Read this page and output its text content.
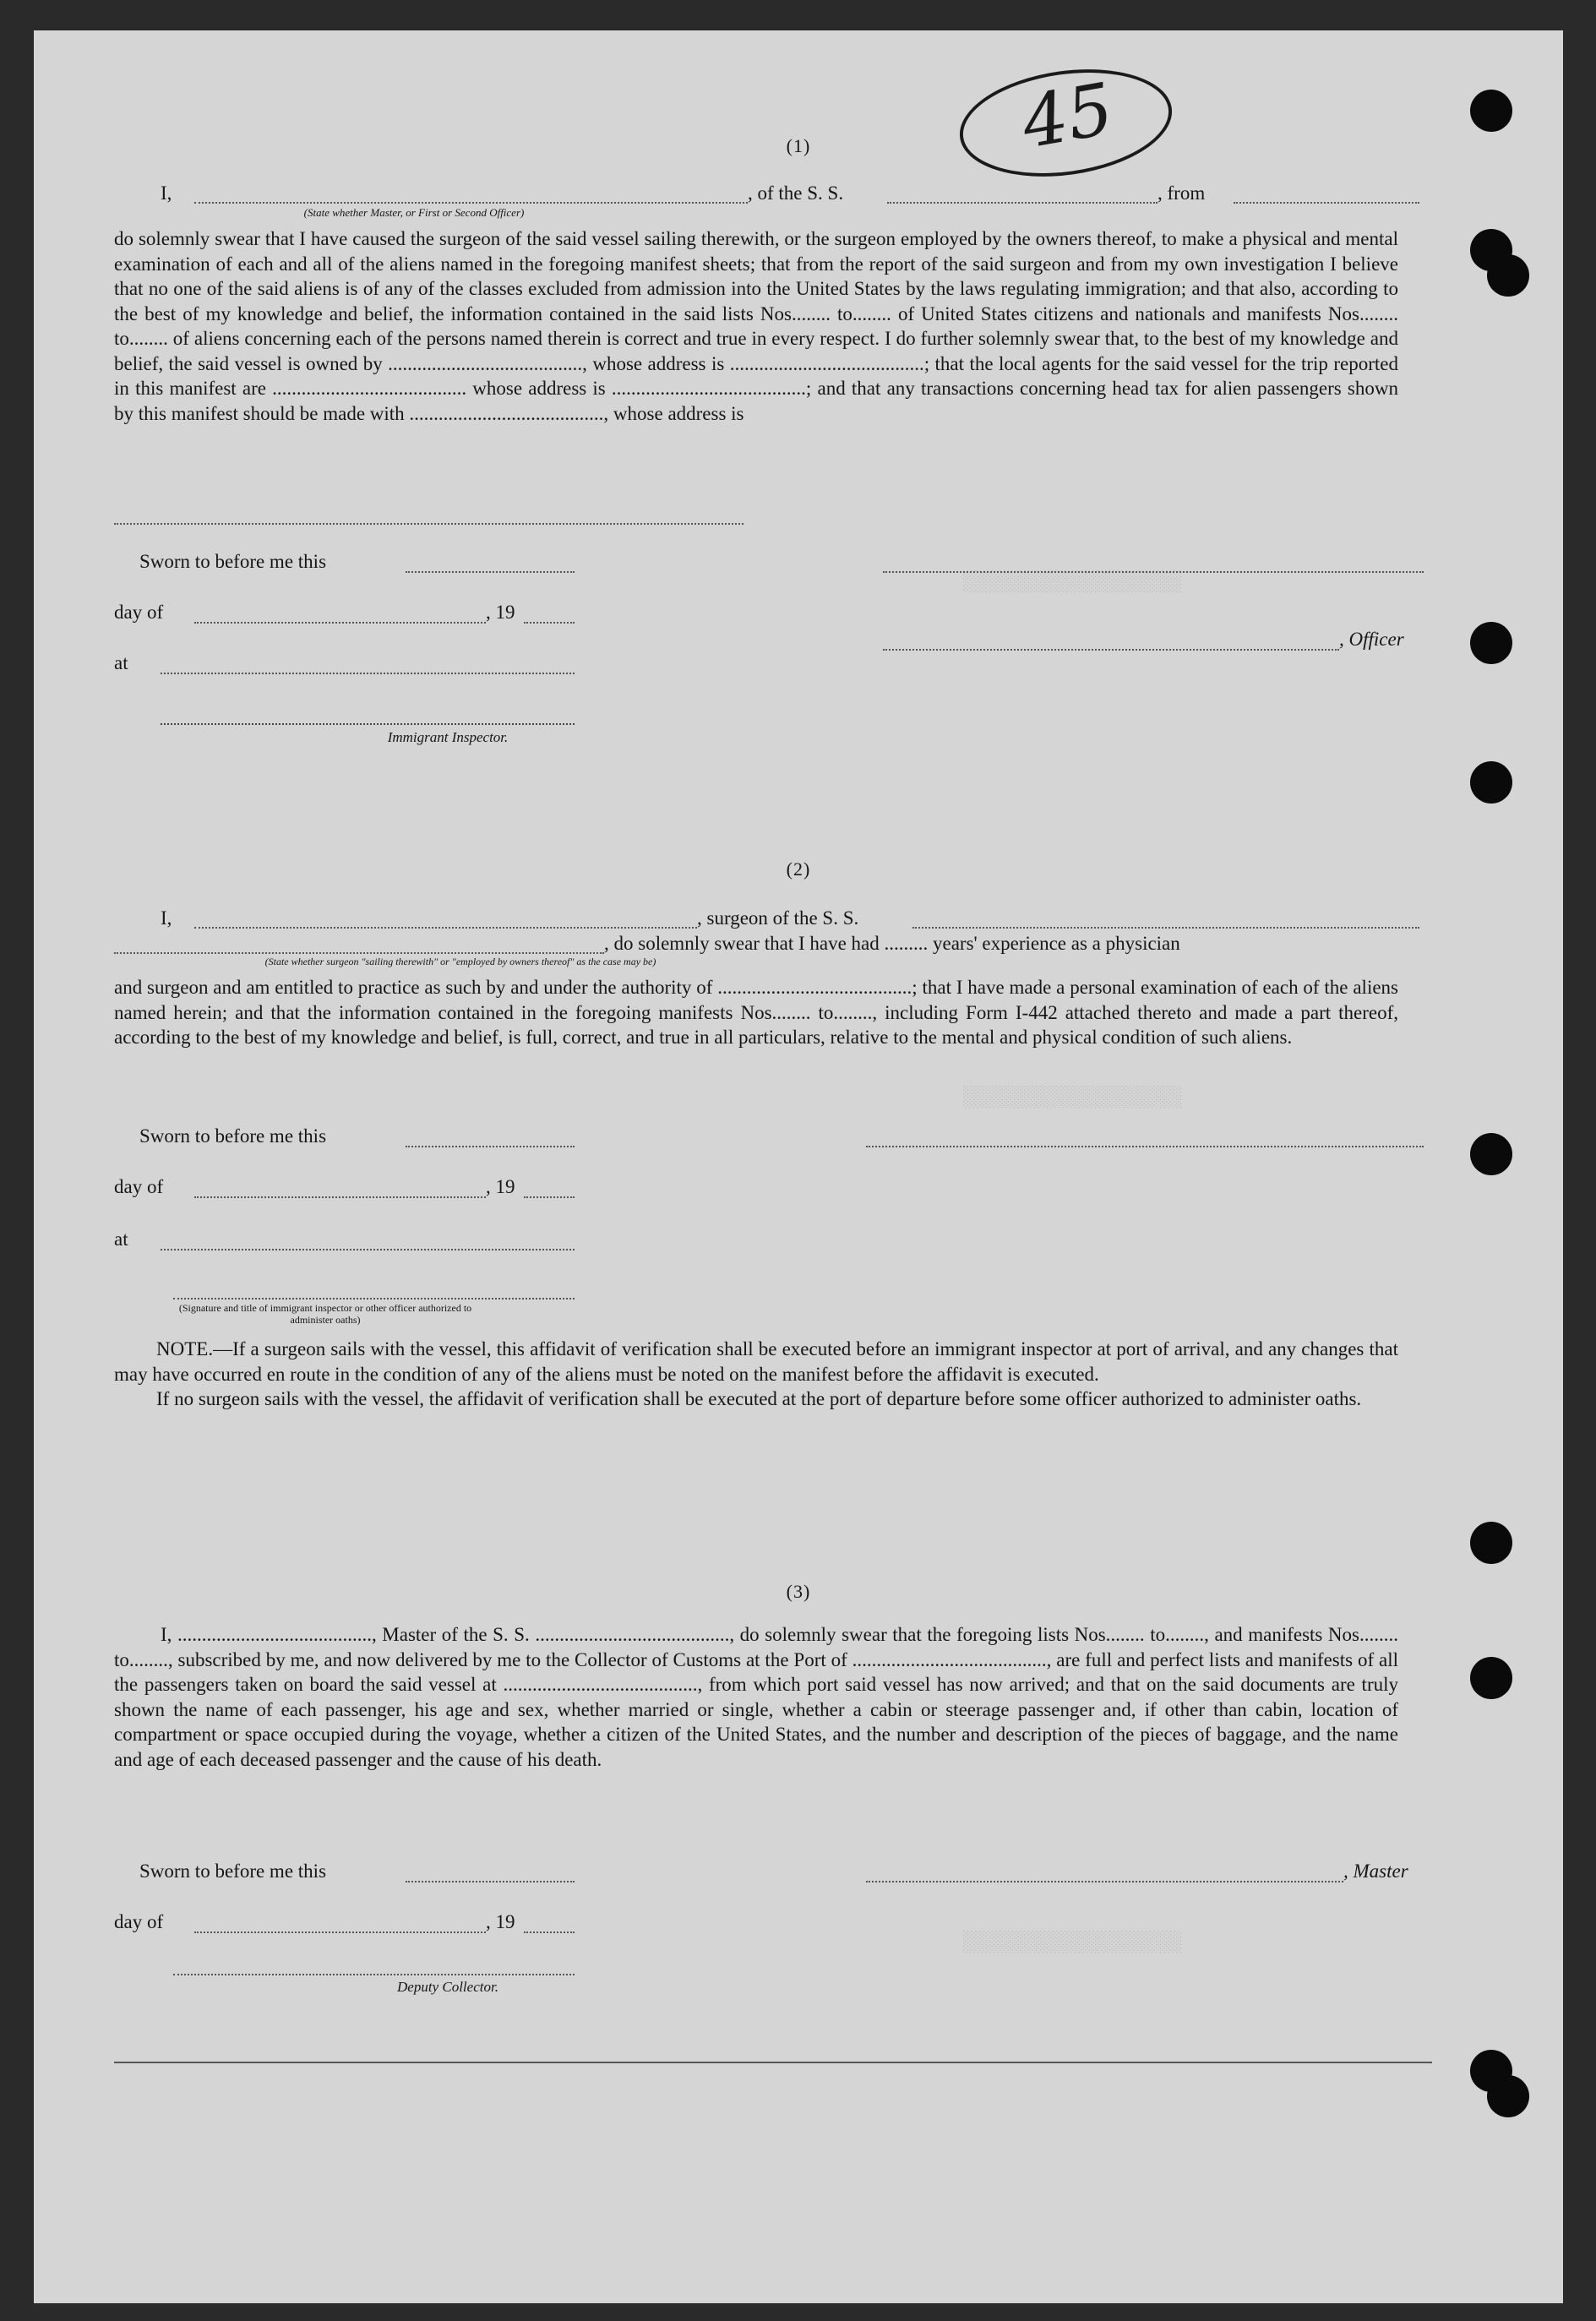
░░░░░░░░░░░░░░░░░░
░░░░░░░░░░░░░░░░░░
░░░░░░░░░░░░░░░░░░
45
(1)
I,	, of the S. S.	, from
(State whether Master, or First or Second Officer)

do solemnly swear that I have caused the surgeon of the said vessel sailing therewith, or the surgeon employed by the owners thereof, to make a physical and mental examination of each and all of the aliens named in the foregoing manifest sheets; that from the report of the said surgeon and from my own investigation I believe that no one of the said aliens is of any of the classes excluded from admission into the United States by the laws regulating immigration; and that also, according to the best of my knowledge and belief, the information contained in the said lists Nos........ to........ of United States citizens and nationals and manifests Nos........ to........ of aliens concerning each of the persons named therein is correct and true in every respect. I do further solemnly swear that, to the best of my knowledge and belief, the said vessel is owned by ........................................, whose address is ........................................; that the local agents for the said vessel for the trip reported in this manifest are ........................................ whose address is ........................................; and that any transactions concerning head tax for alien passengers shown by this manifest should be made with ........................................, whose address is

Sworn to before me this
day of	, 19
, Officer
at
Immigrant Inspector.
(2)
I,	, surgeon of the S. S.
, do solemnly swear that I have had ......... years' experience as a physician
(State whether surgeon "sailing therewith" or "employed by owners thereof" as the case may be)

and surgeon and am entitled to practice as such by and under the authority of ........................................; that I have made a personal examination of each of the aliens named herein; and that the information contained in the foregoing manifests Nos........ to........, including Form I-442 attached thereto and made a part thereof, according to the best of my knowledge and belief, is full, correct, and true in all particulars, relative to the mental and physical condition of such aliens.

Sworn to before me this
day of	, 19
at
(Signature and title of immigrant inspector or other officer authorized to administer oaths)

NOTE.—If a surgeon sails with the vessel, this affidavit of verification shall be executed before an immigrant inspector at port of arrival, and any changes that may have occurred en route in the condition of any of the aliens must be noted on the manifest before the affidavit is executed.

If no surgeon sails with the vessel, the affidavit of verification shall be executed at the port of departure before some officer authorized to administer oaths.

(3)

I, ........................................, Master of the S. S. ........................................, do solemnly swear that the foregoing lists Nos........ to........, and manifests Nos........ to........, subscribed by me, and now delivered by me to the Collector of Customs at the Port of ........................................, are full and perfect lists and manifests of all the passengers taken on board the said vessel at ........................................, from which port said vessel has now arrived; and that on the said documents are truly shown the name of each passenger, his age and sex, whether married or single, whether a cabin or steerage passenger and, if other than cabin, location of compartment or space occupied during the voyage, whether a citizen of the United States, and the number and description of the pieces of baggage, and the name and age of each deceased passenger and the cause of his death.

Sworn to before me this	, Master
day of	, 19
Deputy Collector.
